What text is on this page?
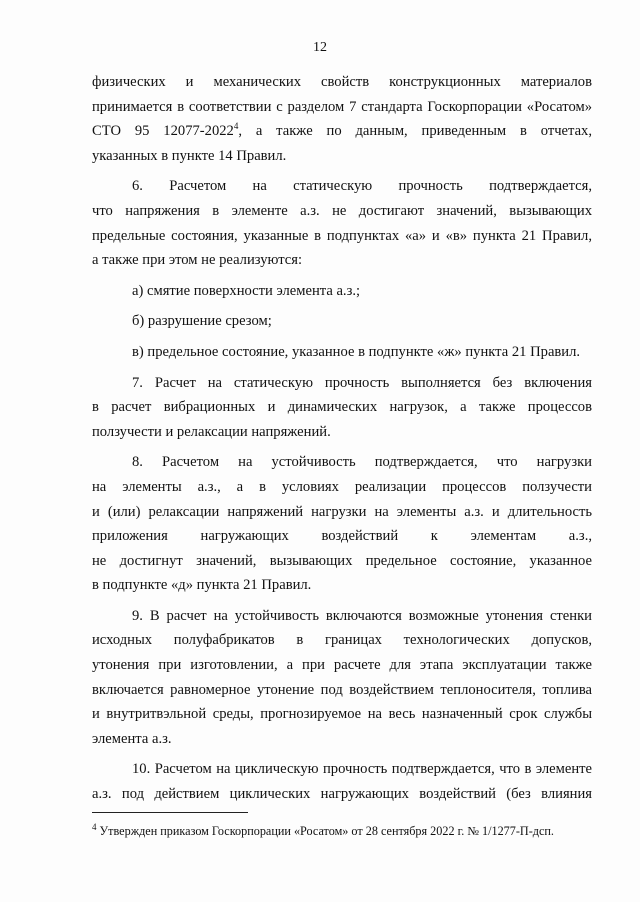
12

физических и механических свойств конструкционных материалов
принимается в соответствии с разделом 7 стандарта Госкорпорации «Росатом»
СТО 95 12077-2022$^4$, а также по данным, приведенным в отчетах,
указанных в пункте 14 Правил.

6. Расчетом на статическую прочность подтверждается,
что напряжения в элементе а.з. не достигают значений, вызывающих
предельные состояния, указанные в подпунктах «а» и «в» пункта 21 Правил,
а также при этом не реализуются:

а) смятие поверхности элемента а.з.;

б) разрушение срезом;

в) предельное состояние, указанное в подпункте «ж» пункта 21 Правил.

7. Расчет на статическую прочность выполняется без включения
в расчет вибрационных и динамических нагрузок, а также процессов
ползучести и релаксации напряжений.

8. Расчетом на устойчивость подтверждается, что нагрузки
на элементы а.з., а в условиях реализации процессов ползучести
и (или) релаксации напряжений нагрузки на элементы а.з. и длительность
приложения нагружающих воздействий к элементам а.з.,
не достигнут значений, вызывающих предельное состояние, указанное
в подпункте «д» пункта 21 Правил.

9. В расчет на устойчивость включаются возможные утонения стенки
исходных полуфабрикатов в границах технологических допусков,
утонения при изготовлении, а при расчете для этапа эксплуатации также
включается равномерное утонение под воздействием теплоносителя, топлива
и внутритвэльной среды, прогнозируемое на весь назначенный срок службы
элемента а.з.

10. Расчетом на циклическую прочность подтверждается, что в элементе
а.з. под действием циклических нагружающих воздействий (без влияния

$^4$ Утвержден приказом Госкорпорации «Росатом» от 28 сентября 2022 г. № 1/1277-П-дсп.
